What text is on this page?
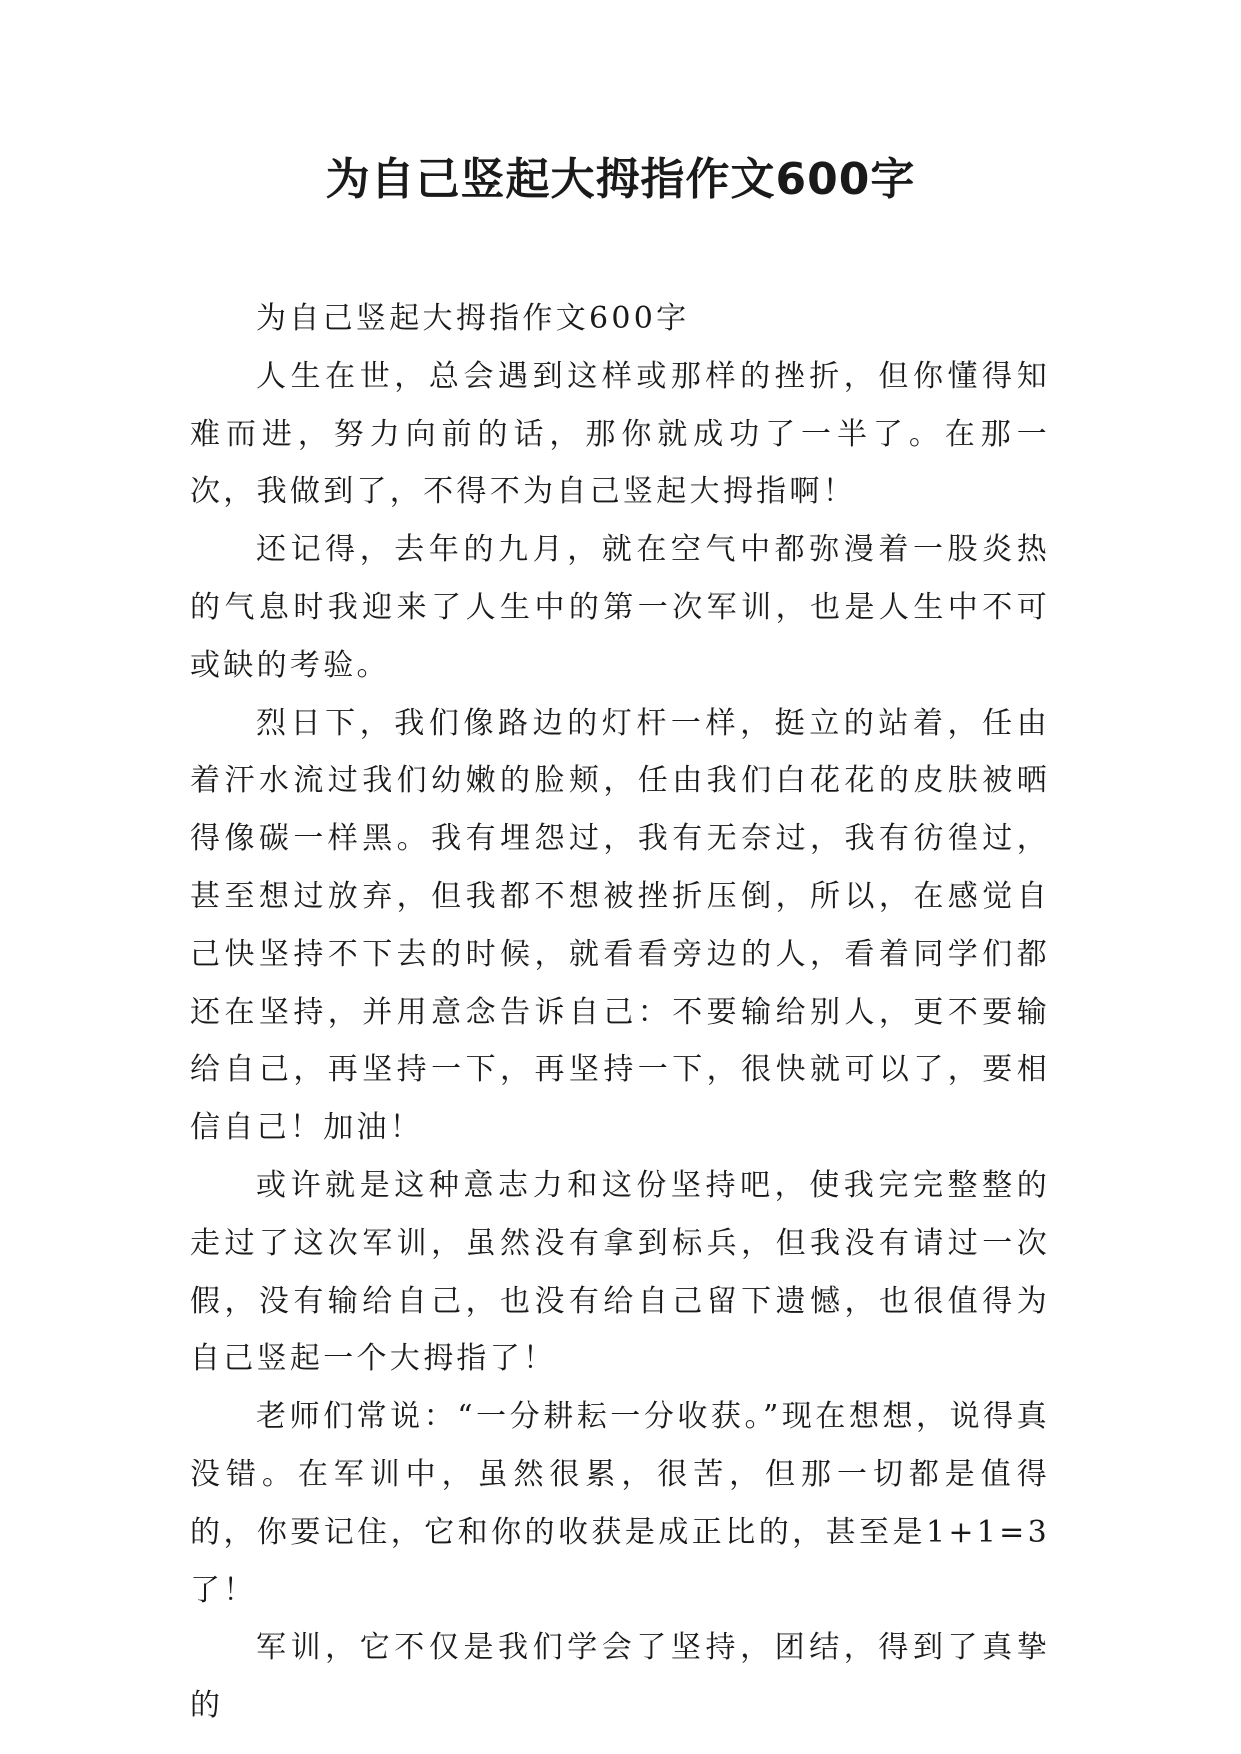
为自己竖起大拇指作文600字

为自己竖起大拇指作文600字

人生在世，总会遇到这样或那样的挫折，但你懂得知难而进，努力向前的话，那你就成功了一半了。在那一次，我做到了，不得不为自己竖起大拇指啊！

还记得，去年的九月，就在空气中都弥漫着一股炎热的气息时我迎来了人生中的第一次军训，也是人生中不可或缺的考验。

烈日下，我们像路边的灯杆一样，挺立的站着，任由着汗水流过我们幼嫩的脸颊，任由我们白花花的皮肤被晒得像碳一样黑。我有埋怨过，我有无奈过，我有彷徨过，甚至想过放弃，但我都不想被挫折压倒，所以，在感觉自己快坚持不下去的时候，就看看旁边的人，看着同学们都还在坚持，并用意念告诉自己：不要输给别人，更不要输给自己，再坚持一下，再坚持一下，很快就可以了，要相信自己！加油！

或许就是这种意志力和这份坚持吧，使我完完整整的走过了这次军训，虽然没有拿到标兵，但我没有请过一次假，没有输给自己，也没有给自己留下遗憾，也很值得为自己竖起一个大拇指了！

老师们常说：“一分耕耘一分收获。”现在想想，说得真没错。在军训中，虽然很累，很苦，但那一切都是值得的，你要记住，它和你的收获是成正比的，甚至是1+1=3了！

军训，它不仅是我们学会了坚持，团结，得到了真挚的
